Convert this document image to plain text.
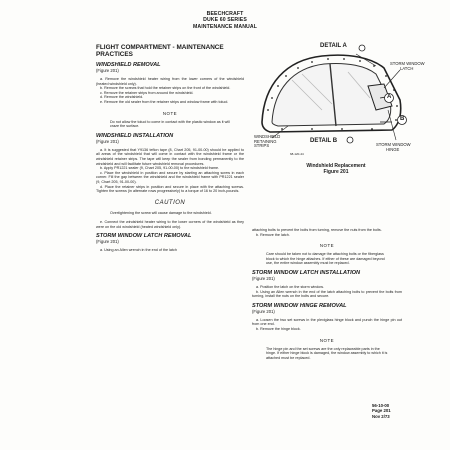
BEECHCRAFT
DUKE 60 SERIES
MAINTENANCE MANUAL
FLIGHT COMPARTMENT - MAINTENANCE PRACTICES
WINDSHIELD REMOVAL
(Figure 201)

a. Remove the windshield heater wiring from the lower corners of the windshield (heated windshield only).

b. Remove the screws that hold the retainer strips on the front of the windshield.

c. Remove the retainer strips from around the windshield.

d. Remove the windshield.

e. Remove the old sealer from the retainer strips and window frame with toluol.

NOTE

Do not allow the toluol to come in contact with the plastic window as it will craze the surface.

WINDSHIELD INSTALLATION
(Figure 201)

a. It is suggested that Y9136 teflon tape (8, Chart 205, 91-00-00) should be applied to all areas of the windshield that will come in contact with the windshield frame or the windshield retainer strips. The tape will keep the sealer from bonding permanently to the windshield and will facilitate future windshield removal procedures.

b. Apply PR1221 sealer (9, Chart 205, 91-00-00) to the windshield frame.

c. Place the windshield in position and secure by starting an attaching screw in each corner. Fill the gap between the windshield and the windshield frame with PR1221 sealer (9, Chart 205, 91-00-00).

d. Place the retainer strips in position and secure in place with the attaching screws. Tighten the screws (in alternate rows progressively) to a torque of 16 to 20 inch-pounds.

CAUTION

Overtightening the screw will cause damage to the windshield.

e. Connect the windshield heater wiring to the lower corners of the windshield as they were on the old windshield (heated windshield only).

STORM WINDOW LATCH REMOVAL
(Figure 201)

a. Using an Allen wrench in the end of the latch

DETAIL A
STORM WINDOW
LATCH
A
B
WINDSHIELD
RETAINING
STRIPS
DETAIL B
STORM WINDOW
HINGE
68-120-44
Windshield Replacement
Figure 201

attaching bolts to prevent the bolts from turning, remove the nuts from the bolts.

b. Remove the latch.

NOTE

Care should be taken not to damage the attaching bolts or the fiberglass block to which the hinge attaches. If either of these are damaged beyond use, the entire window assembly must be replaced.

STORM WINDOW LATCH INSTALLATION
(Figure 201)

a. Position the latch on the storm window.

b. Using an Allen wrench in the end of the latch attaching bolts to prevent the bolts from turning, install the nuts on the bolts and secure.

STORM WINDOW HINGE REMOVAL
(Figure 201)

a. Loosen the two set screws in the plexiglass hinge block and punch the hinge pin out from one end.

b. Remove the hinge block.

NOTE

The hinge pin and the set screws are the only replaceable parts in the hinge. If either hinge block is damaged, the window assembly to which it is attached must be replaced.

56-10-00
Page 201
Nov 2/73
